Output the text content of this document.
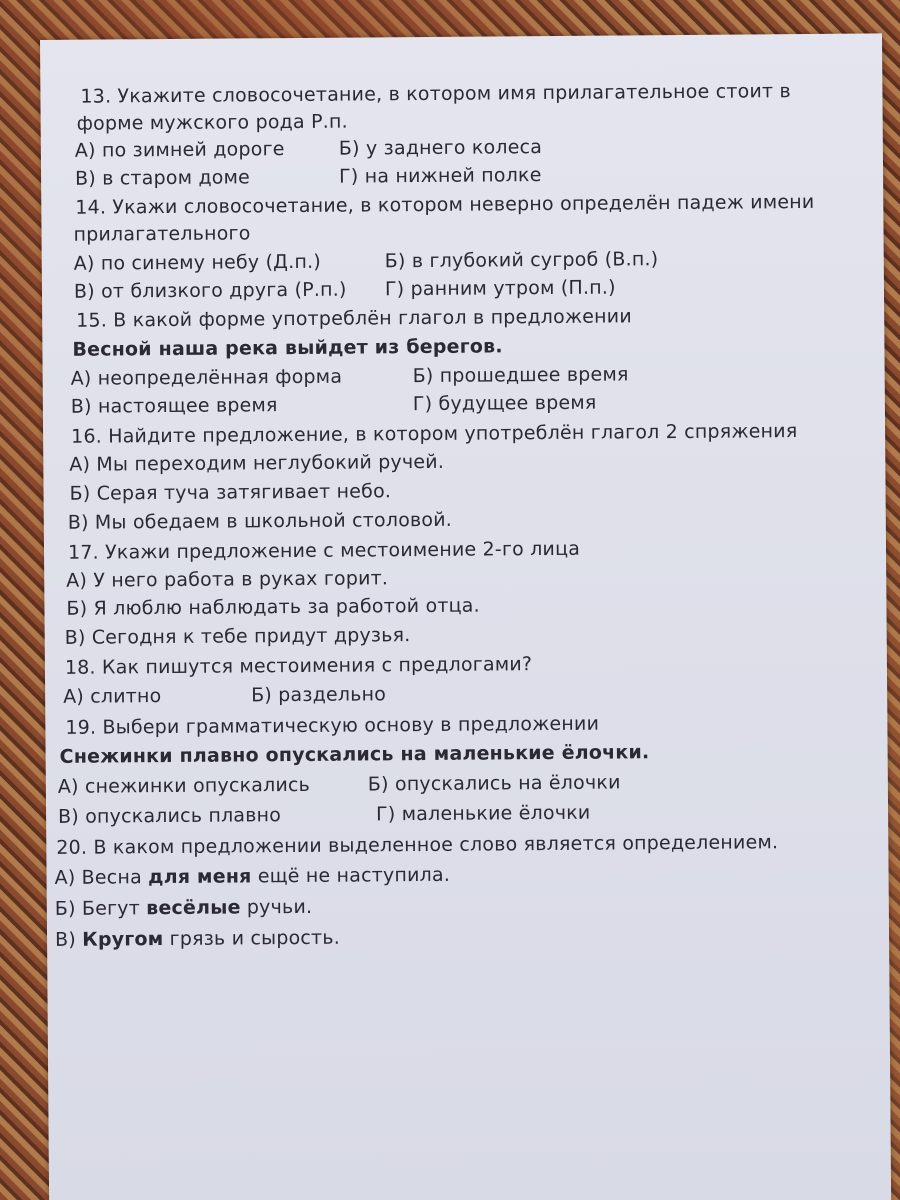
13. Укажите словосочетание, в котором имя прилагательное стоит в
форме мужского рода Р.п.
А) по зимней дороге	Б) у заднего колеса
В) в старом доме	Г) на нижней полке
14. Укажи словосочетание, в котором неверно определён падеж имени
прилагательного
А) по синему небу (Д.п.)	Б) в глубокий сугроб (В.п.)
В) от близкого друга (Р.п.) Г) ранним утром (П.п.)
15. В какой форме употреблён глагол в предложении
Весной наша река выйдет из берегов.
А) неопределённая форма	Б) прошедшее время
В) настоящее время	Г) будущее время
16. Найдите предложение, в котором употреблён глагол 2 спряжения
А) Мы переходим неглубокий ручей.
Б) Серая туча затягивает небо.
В) Мы обедаем в школьной столовой.
17. Укажи предложение с местоимение 2-го лица
А) У него работа в руках горит.
Б) Я люблю наблюдать за работой отца.
В) Сегодня к тебе придут друзья.
18. Как пишутся местоимения с предлогами?
А) слитно	Б) раздельно
19. Выбери грамматическую основу в предложении
Снежинки плавно опускались на маленькие ёлочки.
А) снежинки опускались	Б) опускались на ёлочки
В) опускались плавно	Г) маленькие ёлочки
20. В каком предложении выделенное слово является определением.
А) Весна для меня ещё не наступила.
Б) Бегут весёлые ручьи.
В) Кругом грязь и сырость.
